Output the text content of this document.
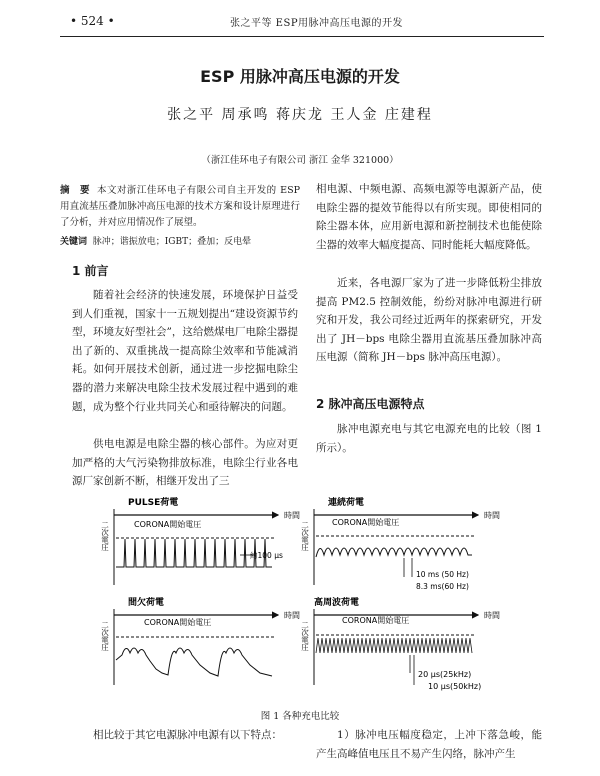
• 524 •	张之平等 ESP用脉冲高压电源的开发
ESP 用脉冲高压电源的开发
张之平 周承鸣 蒋庆龙 王人金 庄建程
（浙江佳环电子有限公司 浙江 金华 321000）
摘　要 本文对浙江佳环电子有限公司自主开发的 ESP 用直流基压叠加脉冲高压电源的技术方案和设计原理进行了分析，并对应用情况作了展望。
关键词 脉冲；谐振放电；IGBT；叠加；反电晕
1 前言
随着社会经济的快速发展，环境保护日益受到人们重视，国家十一五规划提出“建设资源节约型，环境友好型社会”，这给燃煤电厂电除尘器提出了新的、双重挑战一提高除尘效率和节能减消耗。如何开展技术创新，通过进一步挖掘电除尘器的潜力来解决电除尘技术发展过程中遇到的难题，成为整个行业共同关心和亟待解决的问题。
供电电源是电除尘器的核心部件。为应对更加严格的大气污染物排放标准，电除尘行业各电源厂家创新不断，相继开发出了三
相电源、中频电源、高频电源等电源新产品，使电除尘器的提效节能得以有所实现。即使相同的除尘器本体，应用新电源和新控制技术也能使除尘器的效率大幅度提高、同时能耗大幅度降低。
近来，各电源厂家为了进一步降低粉尘排放提高 PM2.5 控制效能，纷纷对脉冲电源进行研究和开发，我公司经过近两年的探索研究，开发出了 JH－bps 电除尘器用直流基压叠加脉冲高压电源（简称 JH－bps 脉冲高压电源）。
2 脉冲高压电源特点
脉冲电源充电与其它电源充电的比较（图 1 所示）。
PULSE荷電
時間
二次電圧	CORONA開始電圧
約100 μs
連続荷電
時間
二次電圧	CORONA開始電圧
10 ms (50 Hz)
8.3 ms(60 Hz)
間欠荷電
時間
二次電圧	CORONA開始電圧
高周波荷電
時間
二次電圧
CORONA開始電圧
20 μs(25kHz)
10 μs(50kHz)
图 1 各种充电比较
相比较于其它电源脉冲电源有以下特点：	1）脉冲电压幅度稳定，上冲下落急峻，能产生高峰值电压且不易产生闪络，脉冲产生
